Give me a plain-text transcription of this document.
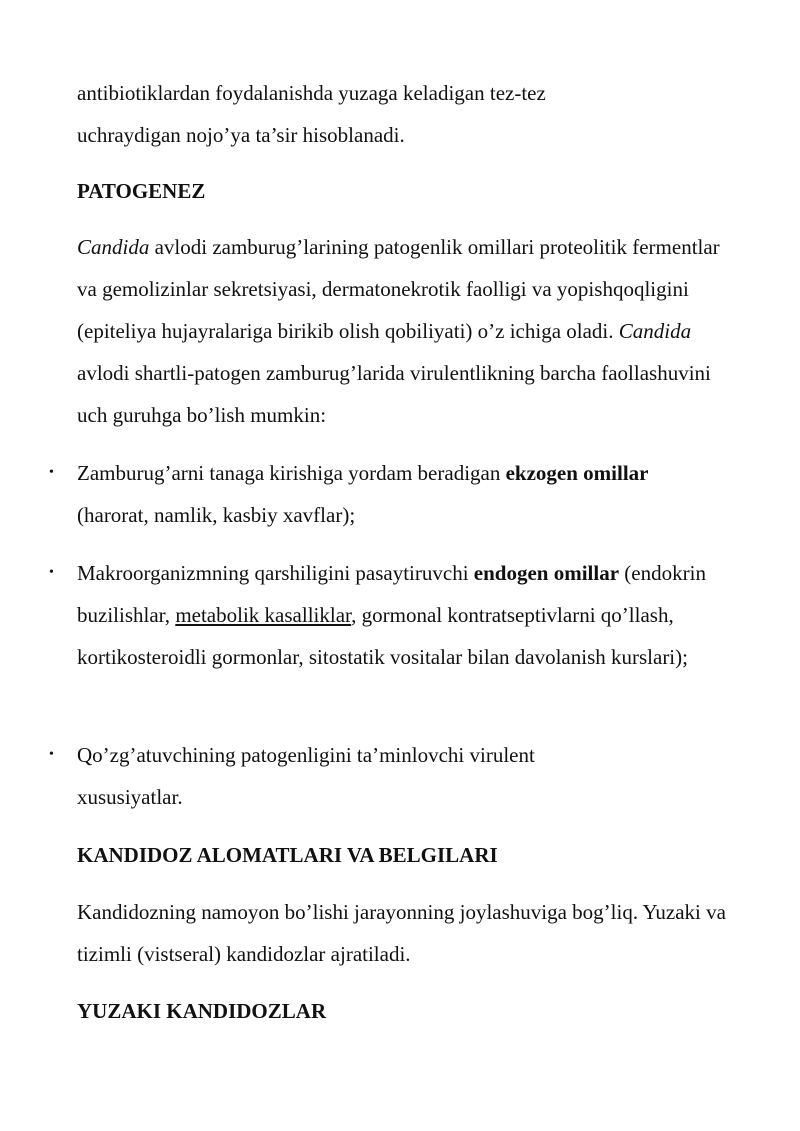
antibiotiklardan foydalanishda yuzaga keladigan tez-tez
uchraydigan nojo’ya ta’sir hisoblanadi.

PATOGENEZ

Candida avlodi zamburug’larining patogenlik omillari proteolitik fermentlar va gemolizinlar sekretsiyasi, dermatonekrotik faolligi va yopishqoqligini (epiteliya hujayralariga birikib olish qobiliyati) o’z ichiga oladi. Candida avlodi shartli-patogen zamburug’larida virulentlikning barcha faollashuvini uch guruhga bo’lish mumkin:

• Zamburug’arni tanaga kirishiga yordam beradigan ekzogen omillar (harorat, namlik, kasbiy xavflar);
• Makroorganizmning qarshiligini pasaytiruvchi endogen omillar (endokrin buzilishlar, metabolik kasalliklar, gormonal kontratseptivlarni qo’llash, kortikosteroidli gormonlar, sitostatik vositalar bilan davolanish kurslari);
• Qo’zg’atuvchining patogenligini ta’minlovchi virulent xususiyatlar.
KANDIDOZ ALOMATLARI VA BELGILARI

Kandidozning namoyon bo’lishi jarayonning joylashuviga bog’liq. Yuzaki va tizimli (vistseral) kandidozlar ajratiladi.

YUZAKI KANDIDOZLAR
